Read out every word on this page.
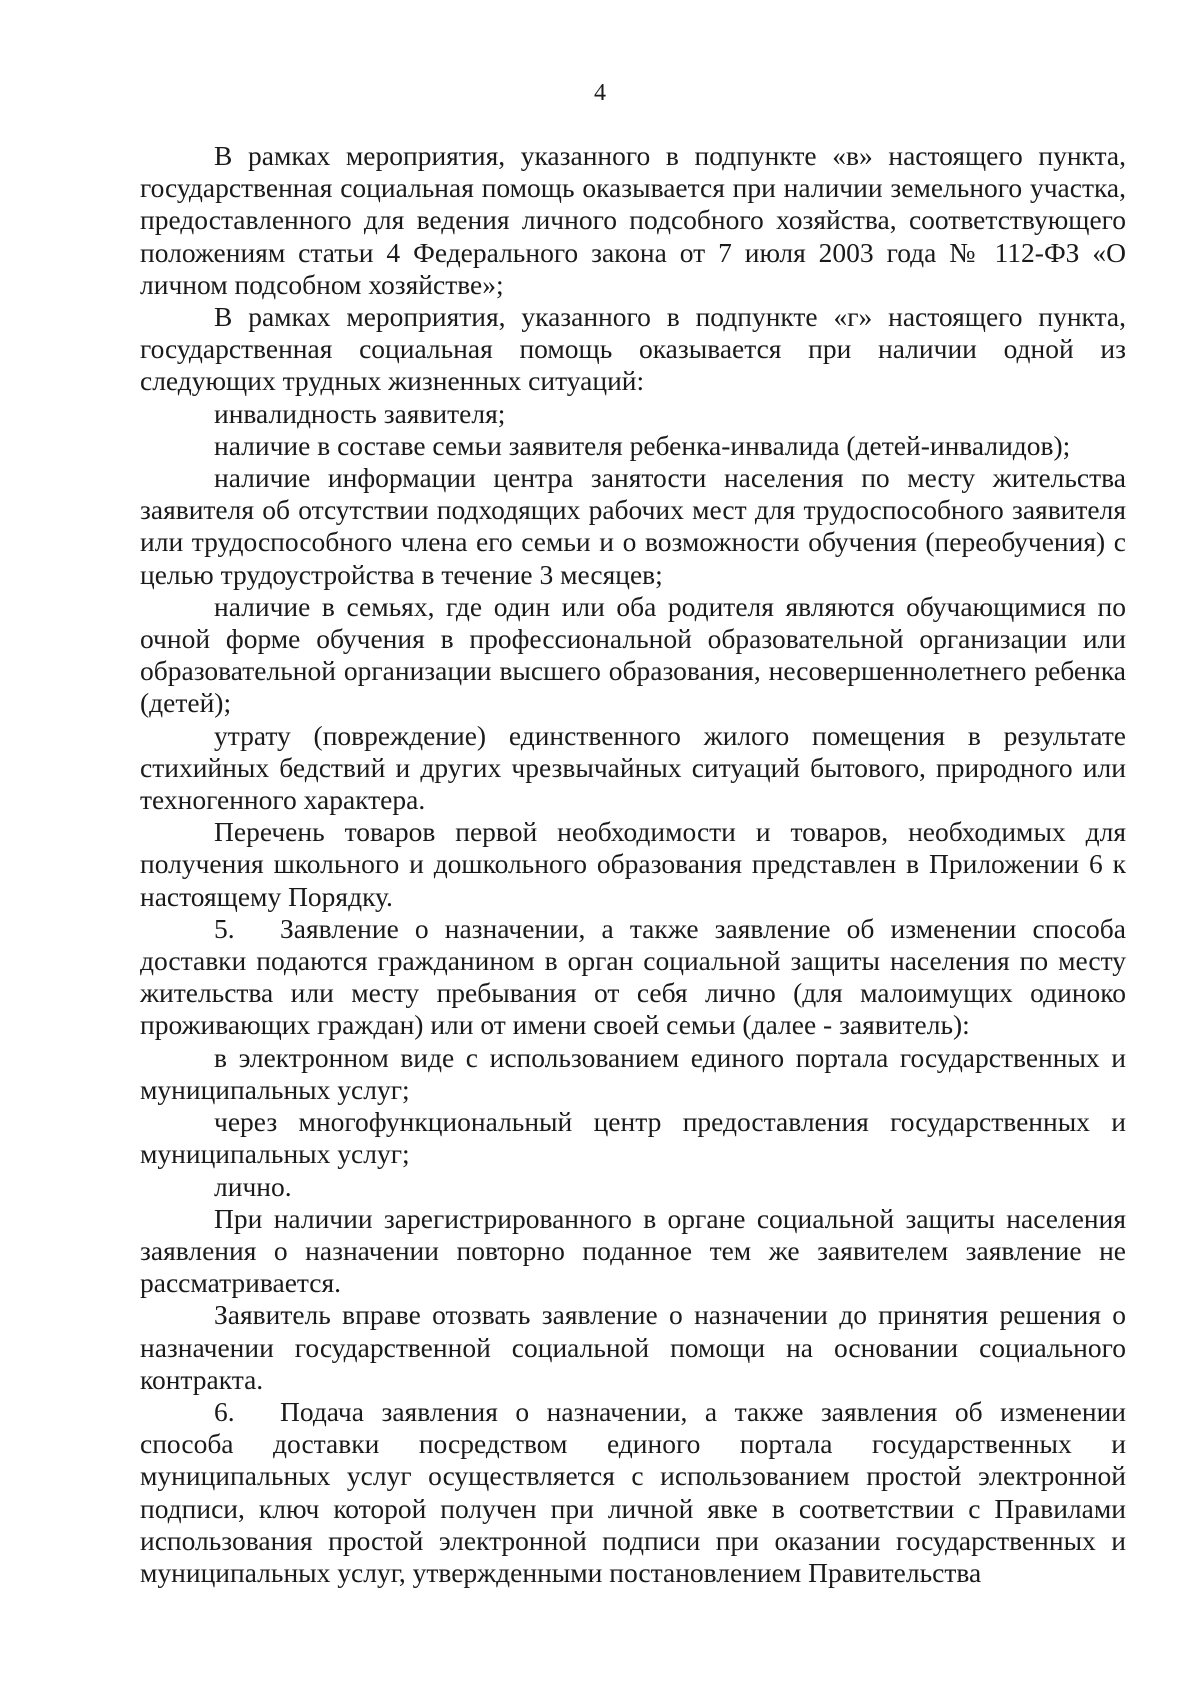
4

В рамках мероприятия, указанного в подпункте «в» настоящего пункта, государственная социальная помощь оказывается при наличии земельного участка, предоставленного для ведения личного подсобного хозяйства, соответствующего положениям статьи 4 Федерального закона от 7 июля 2003 года № 112-ФЗ «О личном подсобном хозяйстве»;

В рамках мероприятия, указанного в подпункте «г» настоящего пункта, государственная социальная помощь оказывается при наличии одной из следующих трудных жизненных ситуаций:

инвалидность заявителя;

наличие в составе семьи заявителя ребенка-инвалида (детей-инвалидов);

наличие информации центра занятости населения по месту жительства заявителя об отсутствии подходящих рабочих мест для трудоспособного заявителя или трудоспособного члена его семьи и о возможности обучения (переобучения) с целью трудоустройства в течение 3 месяцев;

наличие в семьях, где один или оба родителя являются обучающимися по очной форме обучения в профессиональной образовательной организации или образовательной организации высшего образования, несовершеннолетнего ребенка (детей);

утрату (повреждение) единственного жилого помещения в результате стихийных бедствий и других чрезвычайных ситуаций бытового, природного или техногенного характера.

Перечень товаров первой необходимости и товаров, необходимых для получения школьного и дошкольного образования представлен в Приложении 6 к настоящему Порядку.

5. Заявление о назначении, а также заявление об изменении способа доставки подаются гражданином в орган социальной защиты населения по месту жительства или месту пребывания от себя лично (для малоимущих одиноко проживающих граждан) или от имени своей семьи (далее - заявитель):

в электронном виде с использованием единого портала государственных и муниципальных услуг;

через многофункциональный центр предоставления государственных и муниципальных услуг;

лично.

При наличии зарегистрированного в органе социальной защиты населения заявления о назначении повторно поданное тем же заявителем заявление не рассматривается.

Заявитель вправе отозвать заявление о назначении до принятия решения о назначении государственной социальной помощи на основании социального контракта.

6. Подача заявления о назначении, а также заявления об изменении способа доставки посредством единого портала государственных и муниципальных услуг осуществляется с использованием простой электронной подписи, ключ которой получен при личной явке в соответствии с Правилами использования простой электронной подписи при оказании государственных и муниципальных услуг, утвержденными постановлением Правительства
